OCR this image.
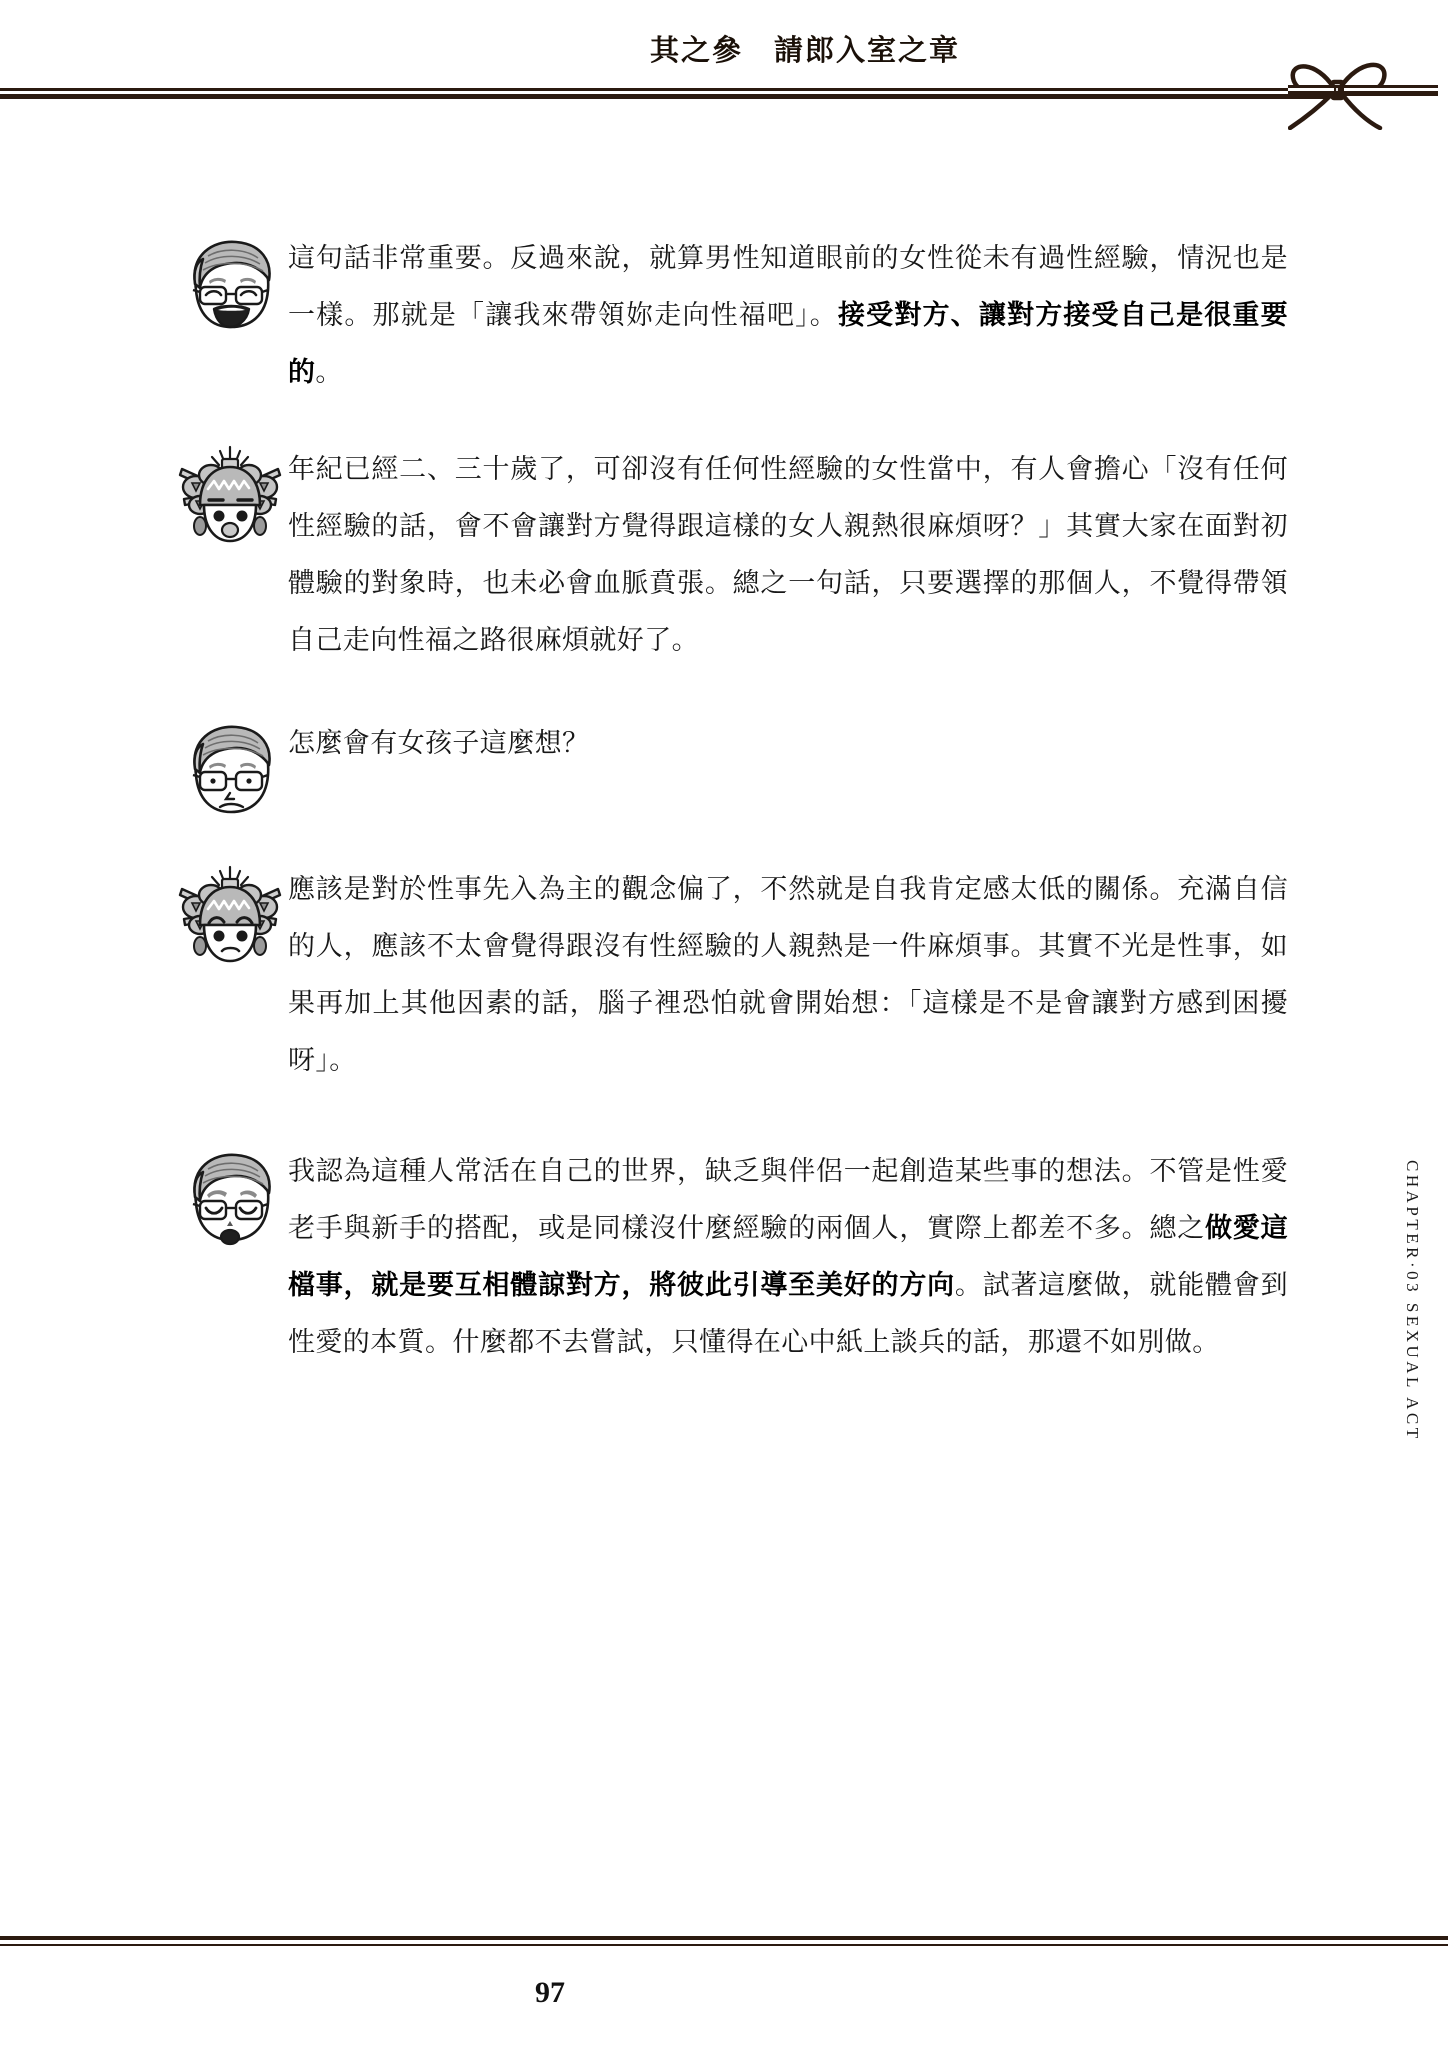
其之參　請郎入室之章
這句話非常重要。反過來說，就算男性知道眼前的女性從未有過性經驗，情況也是一樣。那就是「讓我來帶領妳走向性福吧」。接受對方、讓對方接受自己是很重要的。
年紀已經二、三十歲了，可卻沒有任何性經驗的女性當中，有人會擔心「沒有任何性經驗的話，會不會讓對方覺得跟這樣的女人親熱很麻煩呀？」其實大家在面對初體驗的對象時，也未必會血脈賁張。總之一句話，只要選擇的那個人，不覺得帶領自己走向性福之路很麻煩就好了。
怎麼會有女孩子這麼想？
應該是對於性事先入為主的觀念偏了，不然就是自我肯定感太低的關係。充滿自信的人，應該不太會覺得跟沒有性經驗的人親熱是一件麻煩事。其實不光是性事，如果再加上其他因素的話，腦子裡恐怕就會開始想：「這樣是不是會讓對方感到困擾呀」。
我認為這種人常活在自己的世界，缺乏與伴侶一起創造某些事的想法。不管是性愛老手與新手的搭配，或是同樣沒什麼經驗的兩個人，實際上都差不多。總之做愛這檔事，就是要互相體諒對方，將彼此引導至美好的方向。試著這麼做，就能體會到性愛的本質。什麼都不去嘗試，只懂得在心中紙上談兵的話，那還不如別做。	CHAPTER·03 SEXUAL ACT
97
